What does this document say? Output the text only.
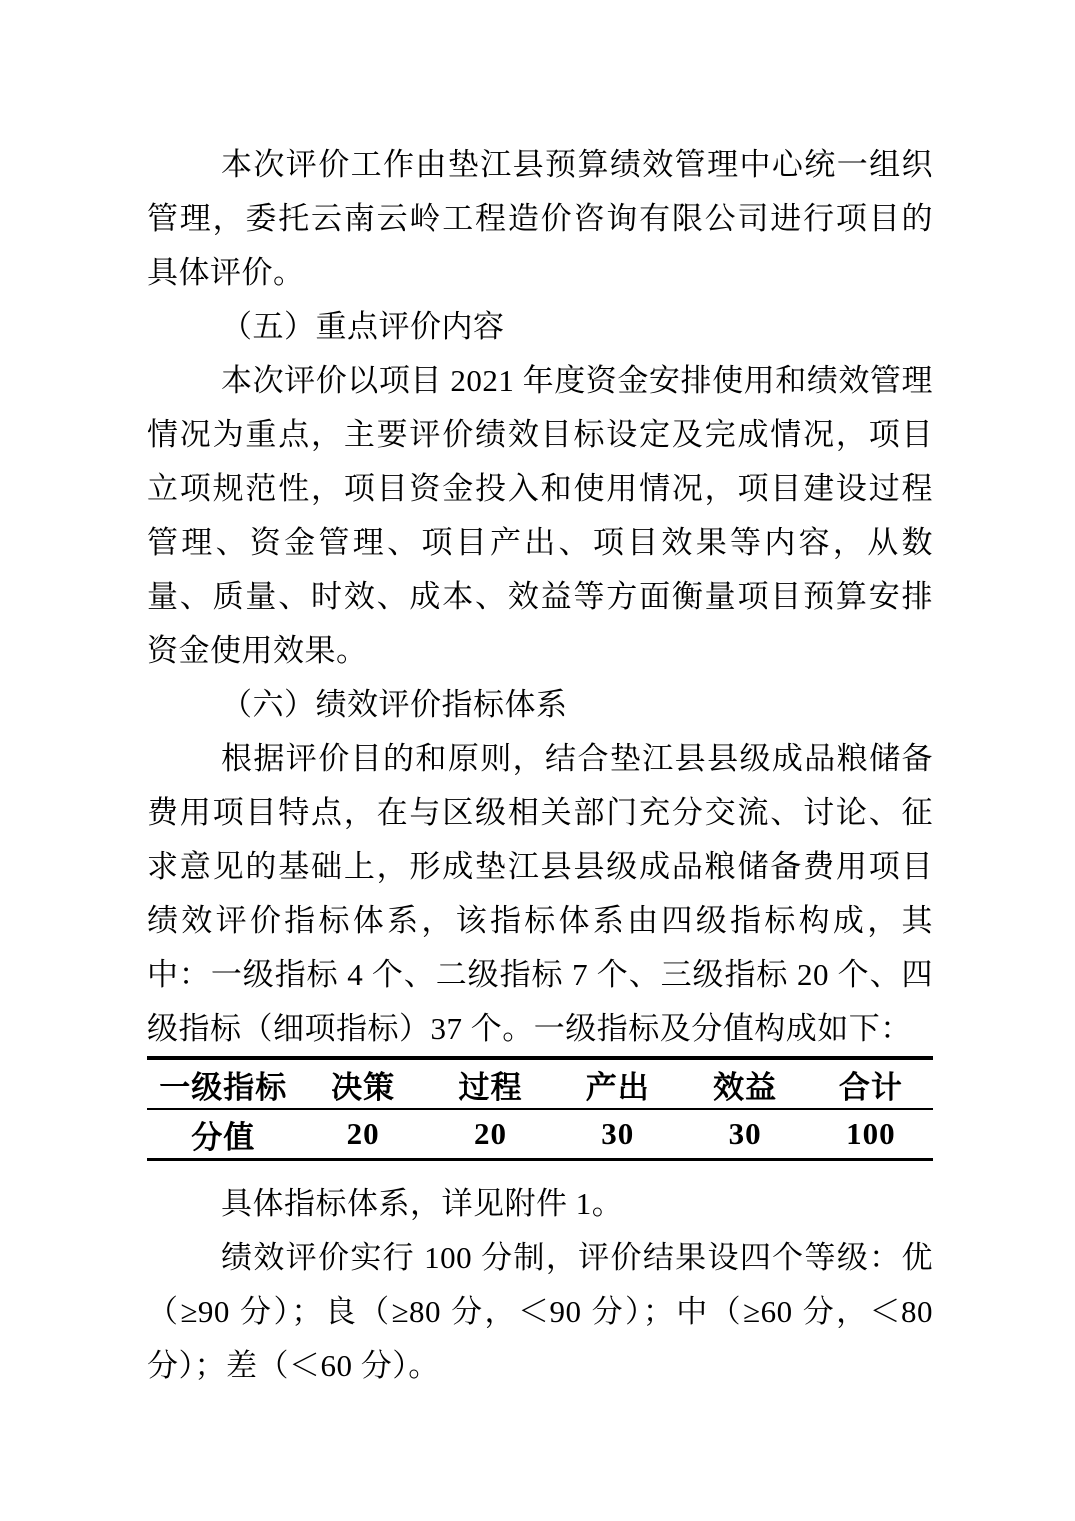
本次评价工作由垫江县预算绩效管理中心统一组织管理，委托云南云岭工程造价咨询有限公司进行项目的具体评价。

（五）重点评价内容

本次评价以项目 2021 年度资金安排使用和绩效管理情况为重点，主要评价绩效目标设定及完成情况，项目立项规范性，项目资金投入和使用情况，项目建设过程管理、资金管理、项目产出、项目效果等内容，从数量、质量、时效、成本、效益等方面衡量项目预算安排资金使用效果。

（六）绩效评价指标体系

根据评价目的和原则，结合垫江县县级成品粮储备费用项目特点，在与区级相关部门充分交流、讨论、征求意见的基础上，形成垫江县县级成品粮储备费用项目绩效评价指标体系，该指标体系由四级指标构成，其中：一级指标 4 个、二级指标 7 个、三级指标 20 个、四级指标（细项指标）37 个。一级指标及分值构成如下：

一级指标	决策	过程	产出	效益	合计
分值	20	20	30	30	100

具体指标体系，详见附件 1。

绩效评价实行 100 分制，评价结果设四个等级：优（≥90 分）；良（≥80 分，＜90 分）；中（≥60 分，＜80 分）；差（＜60 分）。
